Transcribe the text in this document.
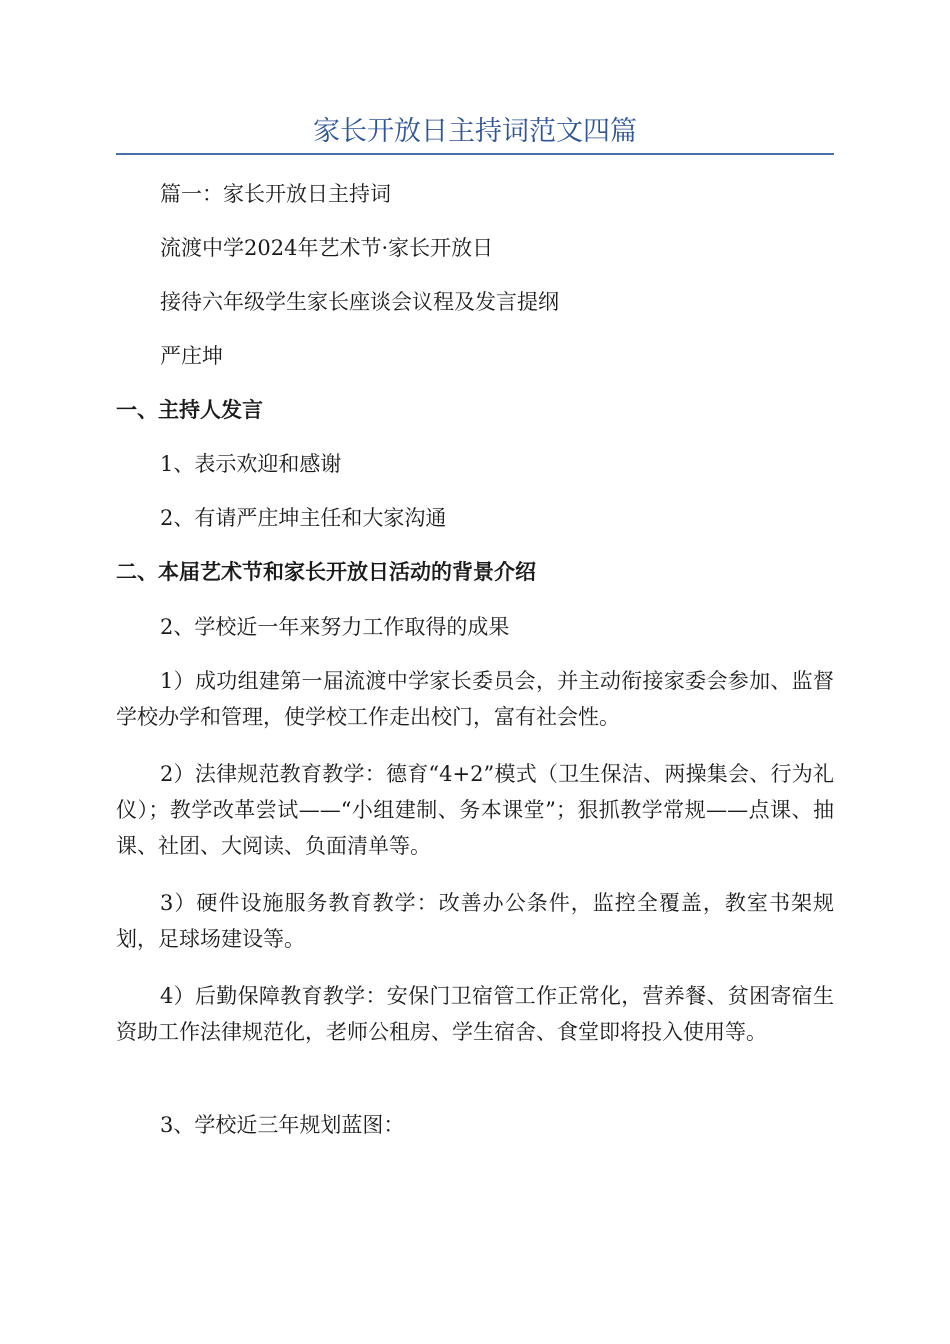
家长开放日主持词范文四篇

篇一：家长开放日主持词

流渡中学2024年艺术节·家长开放日

接待六年级学生家长座谈会议程及发言提纲

严庄坤

一、主持人发言

1、表示欢迎和感谢

2、有请严庄坤主任和大家沟通

二、本届艺术节和家长开放日活动的背景介绍

2、学校近一年来努力工作取得的成果

1）成功组建第一届流渡中学家长委员会，并主动衔接家委会参加、监督学校办学和管理，使学校工作走出校门，富有社会性。

2）法律规范教育教学：德育“4+2”模式（卫生保洁、两操集会、行为礼仪）；教学改革尝试——“小组建制、务本课堂”；狠抓教学常规——点课、抽课、社团、大阅读、负面清单等。

3）硬件设施服务教育教学：改善办公条件，监控全覆盖，教室书架规划，足球场建设等。

4）后勤保障教育教学：安保门卫宿管工作正常化，营养餐、贫困寄宿生资助工作法律规范化，老师公租房、学生宿舍、食堂即将投入使用等。

3、学校近三年规划蓝图：
